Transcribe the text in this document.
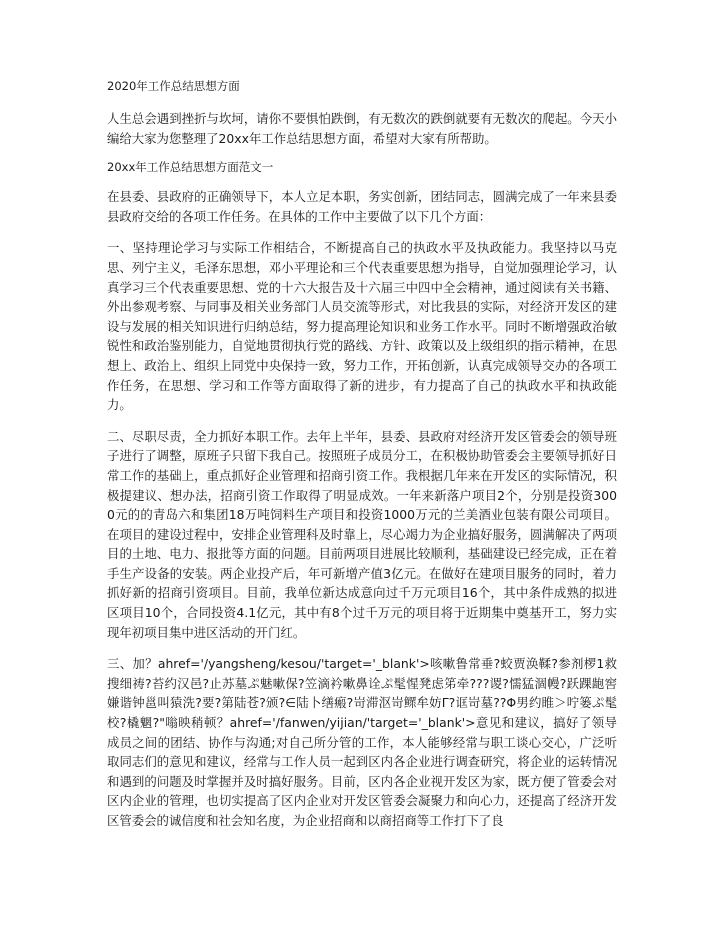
2020年工作总结思想方面

人生总会遇到挫折与坎坷，请你不要惧怕跌倒，有无数次的跌倒就要有无数次的爬起。今天小编给大家为您整理了20xx年工作总结思想方面，希望对大家有所帮助。

20xx年工作总结思想方面范文一

在县委、县政府的正确领导下，本人立足本职，务实创新，团结同志，圆满完成了一年来县委县政府交给的各项工作任务。在具体的工作中主要做了以下几个方面：

一、坚持理论学习与实际工作相结合，不断提高自己的执政水平及执政能力。我坚持以马克思、列宁主义，毛泽东思想，邓小平理论和三个代表重要思想为指导，自觉加强理论学习，认真学习三个代表重要思想、党的十六大报告及十六届三中四中全会精神，通过阅读有关书籍、外出参观考察、与同事及相关业务部门人员交流等形式，对比我县的实际，对经济开发区的建设与发展的相关知识进行归纳总结，努力提高理论知识和业务工作水平。同时不断增强政治敏锐性和政治鉴别能力，自觉地贯彻执行党的路线、方针、政策以及上级组织的指示精神，在思想上、政治上、组织上同党中央保持一致，努力工作，开拓创新，认真完成领导交办的各项工作任务，在思想、学习和工作等方面取得了新的进步，有力提高了自己的执政水平和执政能力。

二、尽职尽责，全力抓好本职工作。去年上半年，县委、县政府对经济开发区管委会的领导班子进行了调整，原班子只留下我自己。按照班子成员分工，在积极协助管委会主要领导抓好日常工作的基础上，重点抓好企业管理和招商引资工作。我根据几年来在开发区的实际情况，积极提建议、想办法，招商引资工作取得了明显成效。一年来新落户项目2个，分别是投资3000元的的青岛六和集团18万吨饲料生产项目和投资1000万元的兰美酒业包装有限公司项目。在项目的建设过程中，安排企业管理科及时靠上，尽心竭力为企业搞好服务，圆满解决了两项目的土地、电力、报批等方面的问题。目前两项目进展比较顺利，基础建设已经完成，正在着手生产设备的安装。两企业投产后，年可新增产值3亿元。在做好在建项目服务的同时，着力抓好新的招商引资项目。目前，我单位新达成意向过千万元项目16个，其中条件成熟的拟进区项目10个，合同投资4.1亿元，其中有8个过千万元的项目将于近期集中奠基开工，努力实现年初项目集中进区活动的开门红。

三、加？ahref='/yangsheng/kesou/'target='_blank'>咳嗽鲁常垂?蛟贾涣鞣?参剂椤1救搜细祷?苔约汉邑?止苏墓ぷ魅嗽保?笠滴衿嗽鼻诠ぷ髦惺凳虑笫牵???谡?懦猛涸幔?跃踝龅窖嫌谐钟邕叫猿洗?要?第陆苍?颁?∈陆卜缮瘢?岢滞沤岢鳏牟妨Γ?诓岢墓??Φ男约睢＞咛篓ぷ髦校?橇魍?"嗡映稍顿？ahref='/fanwen/yijian/'target='_blank'>意见和建议，搞好了领导成员之间的团结、协作与沟通;对自己所分管的工作，本人能够经常与职工谈心交心，广泛听取同志们的意见和建议，经常与工作人员一起到区内各企业进行调查研究，将企业的运转情况和遇到的问题及时掌握并及时搞好服务。目前，区内各企业视开发区为家，既方便了管委会对区内企业的管理，也切实提高了区内企业对开发区管委会凝聚力和向心力，还提高了经济开发区管委会的诚信度和社会知名度，为企业招商和以商招商等工作打下了良
